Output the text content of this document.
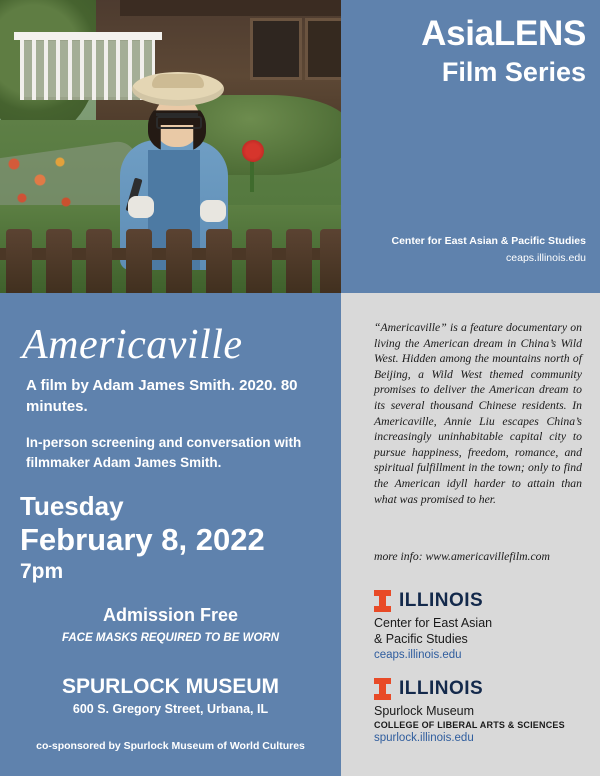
AsiaLENS
Film Series
Center for East Asian & Pacific Studies
ceaps.illinois.edu
Americaville
A film by Adam James Smith. 2020. 80 minutes.
In-person screening and conversation with filmmaker Adam James Smith.
Tuesday
February 8, 2022
7pm
Admission Free
FACE MASKS REQUIRED TO BE WORN
SPURLOCK MUSEUM
600 S. Gregory Street, Urbana, IL
co-sponsored by Spurlock Museum of World Cultures
“Americaville” is a feature documentary on living the American dream in China’s Wild West. Hidden among the mountains north of Beijing, a Wild West themed community promises to deliver the American dream to its several thousand Chinese residents. In Americaville, Annie Liu escapes China’s increasingly uninhabitable capital city to pursue happiness, freedom, romance, and spiritual fulfillment in the town; only to find the American idyll harder to attain than what was promised to her.
more info: www.americavillefilm.com
ILLINOIS
Center for East Asian
& Pacific Studies
ceaps.illinois.edu
ILLINOIS
Spurlock Museum
COLLEGE OF LIBERAL ARTS & SCIENCES
spurlock.illinois.edu
